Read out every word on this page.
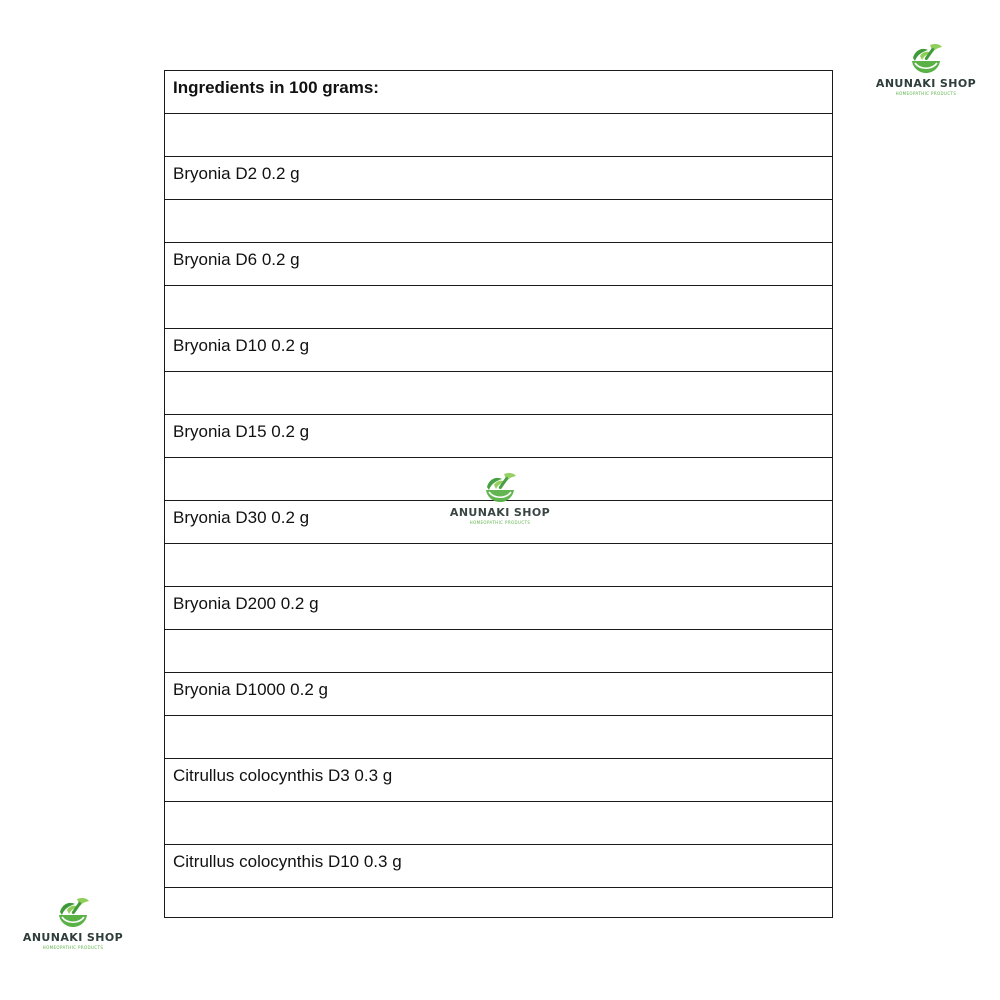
Ingredients in 100 grams:

Bryonia D2 0.2 g

Bryonia D6 0.2 g

Bryonia D10 0.2 g

Bryonia D15 0.2 g

Bryonia D30 0.2 g

Bryonia D200 0.2 g

Bryonia D1000 0.2 g

Citrullus colocynthis D3 0.3 g

Citrullus colocynthis D10 0.3 g

ANUNAKI SHOP
HOMEOPATHIC PRODUCTS
ANUNAKI SHOP
HOMEOPATHIC PRODUCTS
ANUNAKI SHOP
HOMEOPATHIC PRODUCTS
